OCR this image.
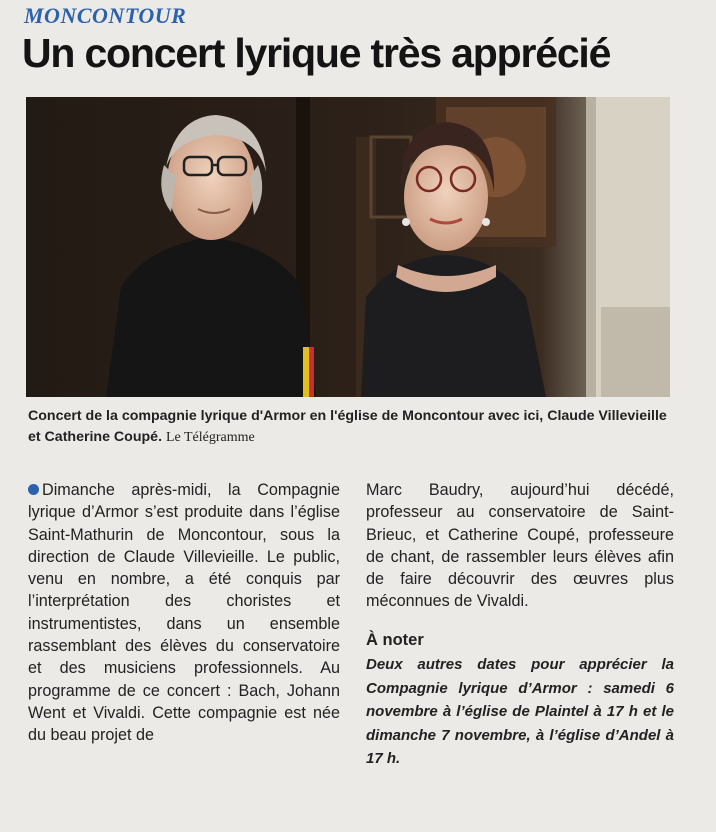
MONCONTOUR
Un concert lyrique très apprécié
Concert de la compagnie lyrique d'Armor en l'église de Moncontour avec ici, Claude Villevieille et Catherine Coupé. Le Télégramme

Dimanche après-midi, la Compagnie lyrique d’Armor s’est produite dans l’église Saint-Mathurin de Moncontour, sous la direction de Claude Villevieille. Le public, venu en nombre, a été conquis par l’interprétation des choristes et instrumentistes, dans un ensemble rassemblant des élèves du conservatoire et des musiciens professionnels. Au programme de ce concert : Bach, Johann Went et Vivaldi. Cette compagnie est née du beau projet de

Marc Baudry, aujourd’hui décédé, professeur au conservatoire de Saint-Brieuc, et Catherine Coupé, professeure de chant, de rassembler leurs élèves afin de faire découvrir des œuvres plus méconnues de Vivaldi.

À noter

Deux autres dates pour apprécier la Compagnie lyrique d’Armor : samedi 6 novembre à l’église de Plaintel à 17 h et le dimanche 7 novembre, à l’église d’Andel à 17 h.
